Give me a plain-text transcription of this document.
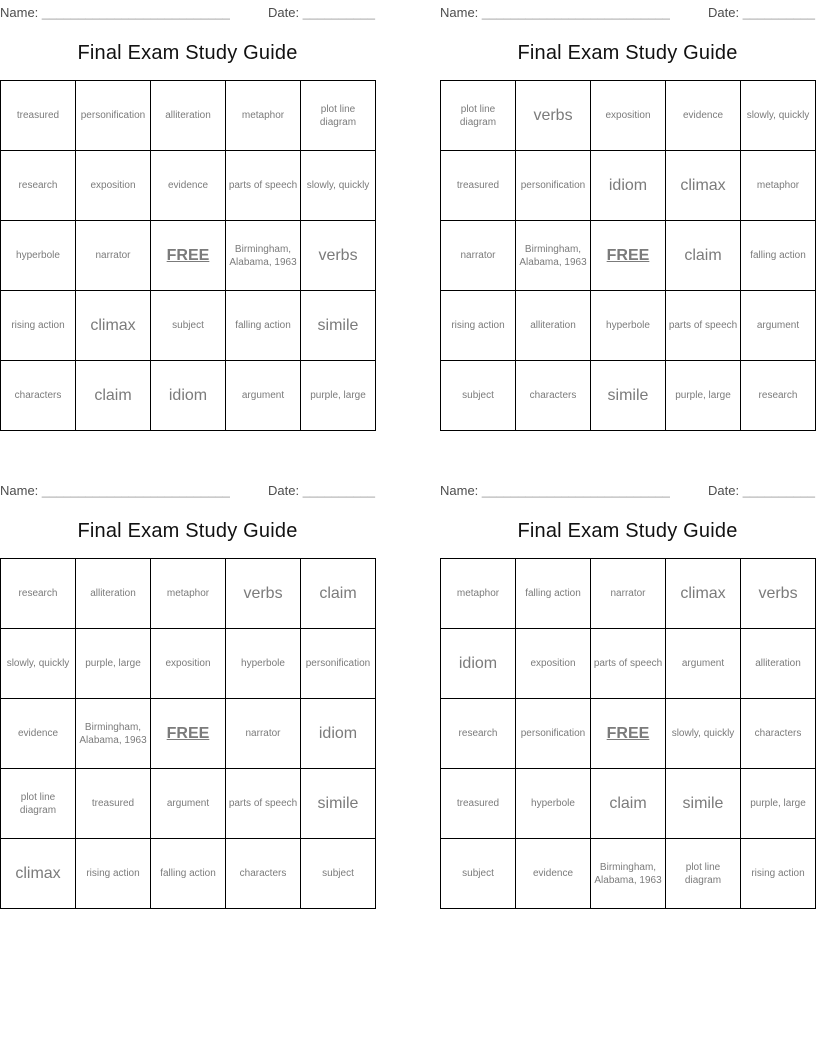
Name: __________________________	Date: __________
Final Exam Study Guide
treasured	personification	alliteration	metaphor	plot line diagram
research	exposition	evidence	parts of speech	slowly, quickly
hyperbole	narrator	FREE	Birmingham, Alabama, 1963	verbs
rising action	climax	subject	falling action	simile
characters	claim	idiom	argument	purple, large
Name: __________________________	Date: __________
Final Exam Study Guide
plot line diagram	verbs	exposition	evidence	slowly, quickly
treasured	personification	idiom	climax	metaphor
narrator	Birmingham, Alabama, 1963	FREE	claim	falling action
rising action	alliteration	hyperbole	parts of speech	argument
subject	characters	simile	purple, large	research
Name: __________________________	Date: __________
Final Exam Study Guide
research	alliteration	metaphor	verbs	claim
slowly, quickly	purple, large	exposition	hyperbole	personification
evidence	Birmingham, Alabama, 1963	FREE	narrator	idiom
plot line diagram	treasured	argument	parts of speech	simile
climax	rising action	falling action	characters	subject
Name: __________________________	Date: __________
Final Exam Study Guide
metaphor	falling action	narrator	climax	verbs
idiom	exposition	parts of speech	argument	alliteration
research	personification	FREE	slowly, quickly	characters
treasured	hyperbole	claim	simile	purple, large
subject	evidence	Birmingham, Alabama, 1963	plot line diagram	rising action
